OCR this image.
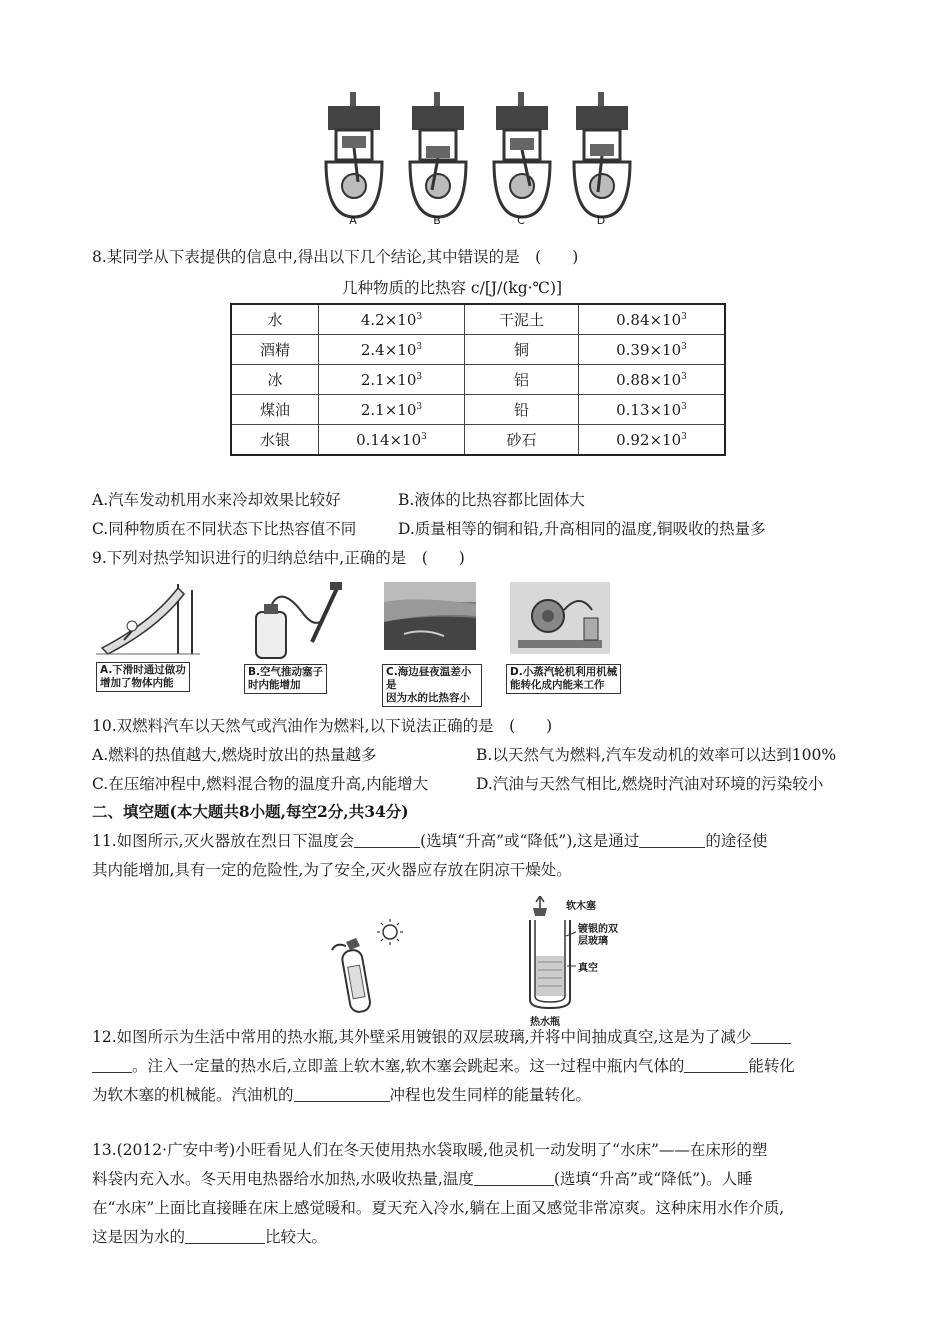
A	B	C	D
8.某同学从下表提供的信息中,得出以下几个结论,其中错误的是　(　　)
几种物质的比热容 c/[J/(kg·℃)]
水	$4.2\times 10^3$	干泥土	$0.84\times 10^3$
酒精	$2.4\times 10^3$	铜	$0.39\times 10^3$
冰	$2.1\times 10^3$	铝	$0.88\times 10^3$
煤油	$2.1\times 10^3$	铅	$0.13\times 10^3$
水银	$0.14\times 10^3$	砂石	$0.92\times 10^3$
A.汽车发动机用水来冷却效果比较好	B.液体的比热容都比固体大
C.同种物质在不同状态下比热容值不同	D.质量相等的铜和铅,升高相同的温度,铜吸收的热量多
9.下列对热学知识进行的归纳总结中,正确的是　(　　)
A.下滑时通过做功
增加了物体内能
B.空气推动塞子
时内能增加
C.海边昼夜温差小是
因为水的比热容小
D.小蒸汽轮机利用机械
能转化成内能来工作
10.双燃料汽车以天然气或汽油作为燃料,以下说法正确的是　(　　)
A.燃料的热值越大,燃烧时放出的热量越多	B.以天然气为燃料,汽车发动机的效率可以达到100%
C.在压缩冲程中,燃料混合物的温度升高,内能增大	D.汽油与天然气相比,燃烧时汽油对环境的污染较小
二、填空题(本大题共8小题,每空2分,共34分)
11.如图所示,灭火器放在烈日下温度会	(选填“升高”或“降低”),这是通过	的途径使
其内能增加,具有一定的危险性,为了安全,灭火器应存放在阴凉干燥处。
软木塞
镀银的双
层玻璃
真空
热水瓶
12.如图所示为生活中常用的热水瓶,其外壁采用镀银的双层玻璃,并将中间抽成真空,这是为了减少
。注入一定量的热水后,立即盖上软木塞,软木塞会跳起来。这一过程中瓶内气体的	能转化
为软木塞的机械能。汽油机的	冲程也发生同样的能量转化。
13.(2012·广安中考)小旺看见人们在冬天使用热水袋取暖,他灵机一动发明了“水床”——在床形的塑
料袋内充入水。冬天用电热器给水加热,水吸收热量,温度	(选填“升高”或“降低”)。人睡
在“水床”上面比直接睡在床上感觉暖和。夏天充入冷水,躺在上面又感觉非常凉爽。这种床用水作介质,
这是因为水的	比较大。
